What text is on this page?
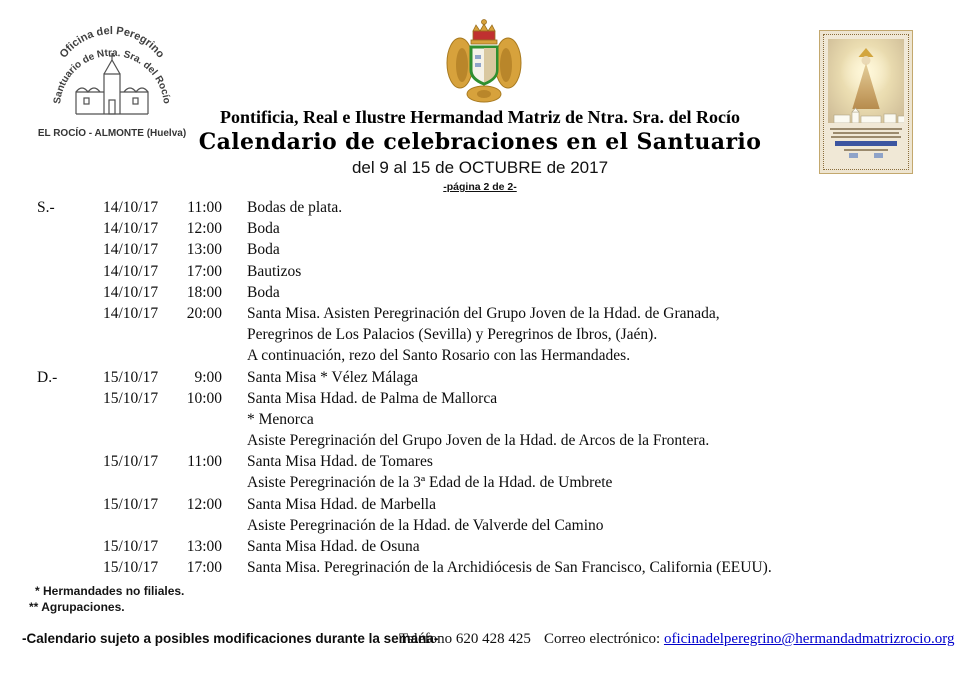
Oficina del Peregrino
Santuario de Ntra. Sra. del Rocío
EL ROCÍO - ALMONTE (Huelva)
Pontificia, Real e Ilustre Hermandad Matriz de Ntra. Sra. del Rocío
Calendario de celebraciones en el Santuario
del 9 al 15 de OCTUBRE de 2017
-página 2 de 2-
S.-	14/10/17	11:00 Bodas de plata.
14/10/17	12:00 Boda
14/10/17	13:00 Boda
14/10/17	17:00 Bautizos
14/10/17	18:00 Boda
14/10/17	20:00 Santa Misa. Asisten Peregrinación del Grupo Joven de la Hdad. de Granada,
Peregrinos de Los Palacios (Sevilla) y Peregrinos de Ibros, (Jaén).
A continuación, rezo del Santo Rosario con las Hermandades.
D.-	15/10/17	9:00 Santa Misa * Vélez Málaga
15/10/17	10:00 Santa Misa Hdad. de Palma de Mallorca
* Menorca
Asiste Peregrinación del Grupo Joven de la Hdad. de Arcos de la Frontera.
15/10/17	11:00 Santa Misa Hdad. de Tomares
Asiste Peregrinación de la 3ª Edad de la Hdad. de Umbrete
15/10/17	12:00 Santa Misa Hdad. de Marbella
Asiste Peregrinación de la Hdad. de Valverde del Camino
15/10/17	13:00 Santa Misa Hdad. de Osuna
15/10/17	17:00 Santa Misa. Peregrinación de la Archidiócesis de San Francisco, California (EEUU).
* Hermandades no filiales.
** Agrupaciones.
-Calendario sujeto a posibles modificaciones durante la semana-
Teléfono 620 428 425 Correo electrónico: oficinadelperegrino@hermandadmatrizrocio.org
